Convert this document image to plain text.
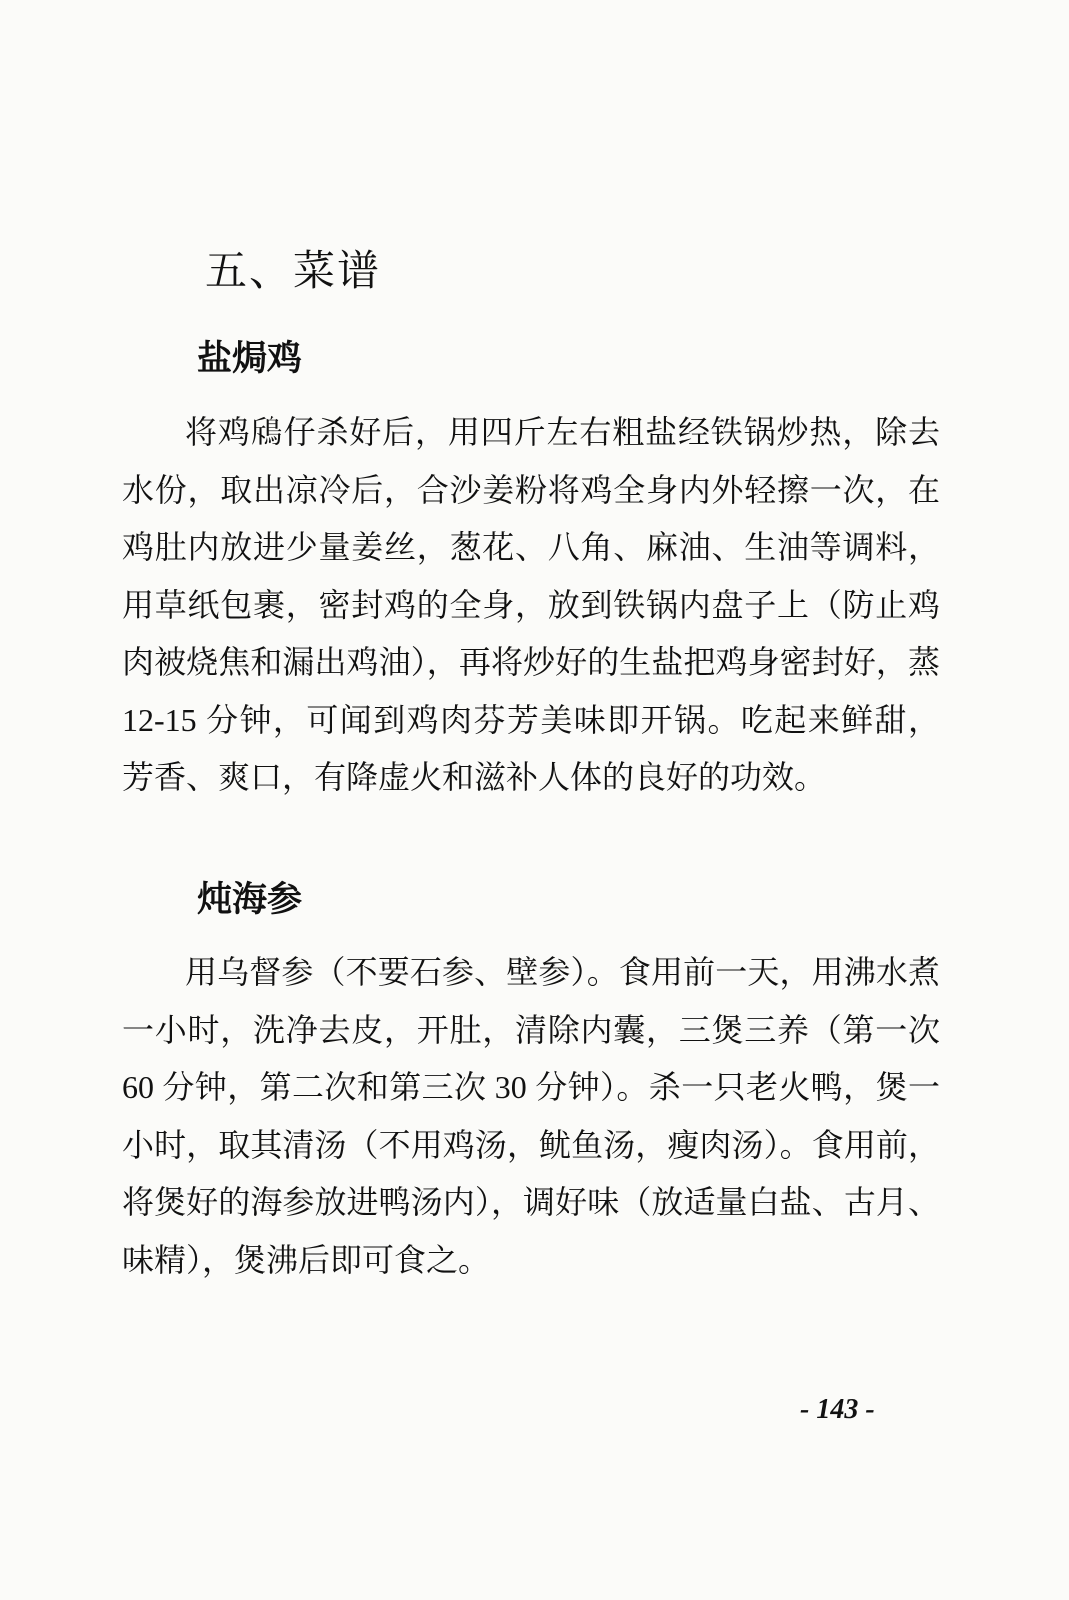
五、菜谱
盐焗鸡
将鸡𩿪仔杀好后，用四斤左右粗盐经铁锅炒热，除去
水份，取出凉冷后，合沙姜粉将鸡全身内外轻擦一次，在
鸡肚内放进少量姜丝，葱花、八角、麻油、生油等调料，
用草纸包裹，密封鸡的全身，放到铁锅内盘子上（防止鸡
肉被烧焦和漏出鸡油），再将炒好的生盐把鸡身密封好，蒸
12-15 分钟，可闻到鸡肉芬芳美味即开锅。吃起来鲜甜，
芳香、爽口，有降虚火和滋补人体的良好的功效。
炖海参
用乌督参（不要石参、壁参）。食用前一天，用沸水煮
一小时，洗净去皮，开肚，清除内囊，三煲三养（第一次
60 分钟，第二次和第三次 30 分钟）。杀一只老火鸭，煲一
小时，取其清汤（不用鸡汤，鱿鱼汤，瘦肉汤）。食用前，
将煲好的海参放进鸭汤内），调好味（放适量白盐、古月、
味精），煲沸后即可食之。
- 143 -
